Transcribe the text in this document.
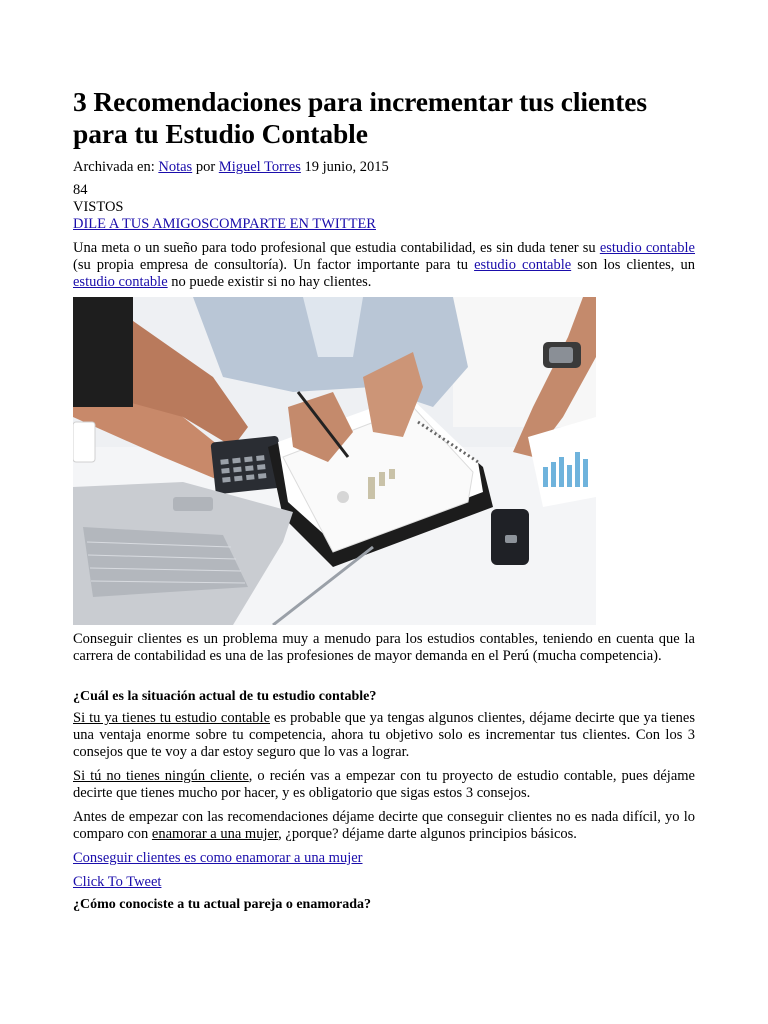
3 Recomendaciones para incrementar tus clientes para tu Estudio Contable
Archivada en: Notas por Miguel Torres 19 junio, 2015
84
VISTOS
DILE A TUS AMIGOSCOMPARTE EN TWITTER

Una meta o un sueño para todo profesional que estudia contabilidad, es sin duda tener su estudio contable (su propia empresa de consultoría). Un factor importante para tu estudio contable son los clientes, un estudio contable no puede existir si no hay clientes.

Conseguir clientes es un problema muy a menudo para los estudios contables, teniendo en cuenta que la carrera de contabilidad es una de las profesiones de mayor demanda en el Perú (mucha competencia).

¿Cuál es la situación actual de tu estudio contable?

Si tu ya tienes tu estudio contable es probable que ya tengas algunos clientes, déjame decirte que ya tienes una ventaja enorme sobre tu competencia, ahora tu objetivo solo es incrementar tus clientes. Con los 3 consejos que te voy a dar estoy seguro que lo vas a lograr.

Si tú no tienes ningún cliente, o recién vas a empezar con tu proyecto de estudio contable, pues déjame decirte que tienes mucho por hacer, y es obligatorio que sigas estos 3 consejos.

Antes de empezar con las recomendaciones déjame decirte que conseguir clientes no es nada difícil, yo lo comparo con enamorar a una mujer, ¿porque? déjame darte algunos principios básicos.

Conseguir clientes es como enamorar a una mujer
Click To Tweet
¿Cómo conociste a tu actual pareja o enamorada?
